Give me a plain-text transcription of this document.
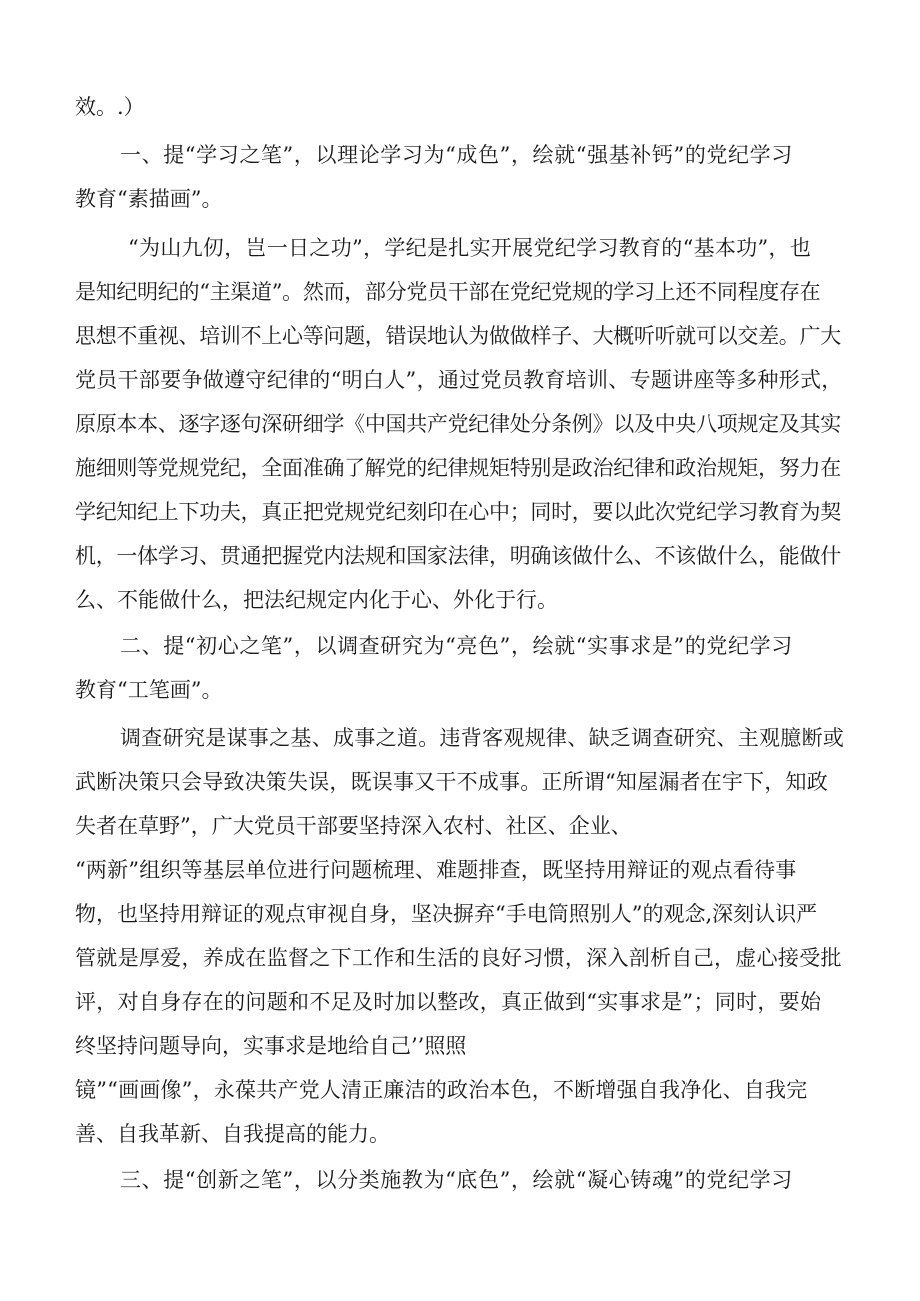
效。.）

一、提“学习之笔”，以理论学习为“成色”，绘就“强基补钙”的党纪学习

教育“素描画”。

“为山九仞，岂一日之功”，学纪是扎实开展党纪学习教育的“基本功”，也

是知纪明纪的“主渠道”。然而，部分党员干部在党纪党规的学习上还不同程度存在

思想不重视、培训不上心等问题，错误地认为做做样子、大概听听就可以交差。广大

党员干部要争做遵守纪律的“明白人”，通过党员教育培训、专题讲座等多种形式，

原原本本、逐字逐句深研细学《中国共产党纪律处分条例》以及中央八项规定及其实

施细则等党规党纪，全面准确了解党的纪律规矩特别是政治纪律和政治规矩，努力在

学纪知纪上下功夫，真正把党规党纪刻印在心中；同时，要以此次党纪学习教育为契

机，一体学习、贯通把握党内法规和国家法律，明确该做什么、不该做什么，能做什

么、不能做什么，把法纪规定内化于心、外化于行。

二、提“初心之笔”，以调查研究为“亮色”，绘就“实事求是”的党纪学习

教育“工笔画”。

调查研究是谋事之基、成事之道。违背客观规律、缺乏调查研究、主观臆断或

武断决策只会导致决策失误，既误事又干不成事。正所谓“知屋漏者在宇下，知政

失者在草野”，广大党员干部要坚持深入农村、社区、企业、

“两新”组织等基层单位进行问题梳理、难题排查，既坚持用辩证的观点看待事

物，也坚持用辩证的观点审视自身，坚决摒弃“手电筒照别人”的观念,深刻认识严

管就是厚爱，养成在监督之下工作和生活的良好习惯，深入剖析自己，虚心接受批

评，对自身存在的问题和不足及时加以整改，真正做到“实事求是”；同时，要始

终坚持问题导向，实事求是地给自己’’照照

镜”“画画像”，永葆共产党人清正廉洁的政治本色，不断增强自我净化、自我完

善、自我革新、自我提高的能力。

三、提“创新之笔”，以分类施教为“底色”，绘就“凝心铸魂”的党纪学习
